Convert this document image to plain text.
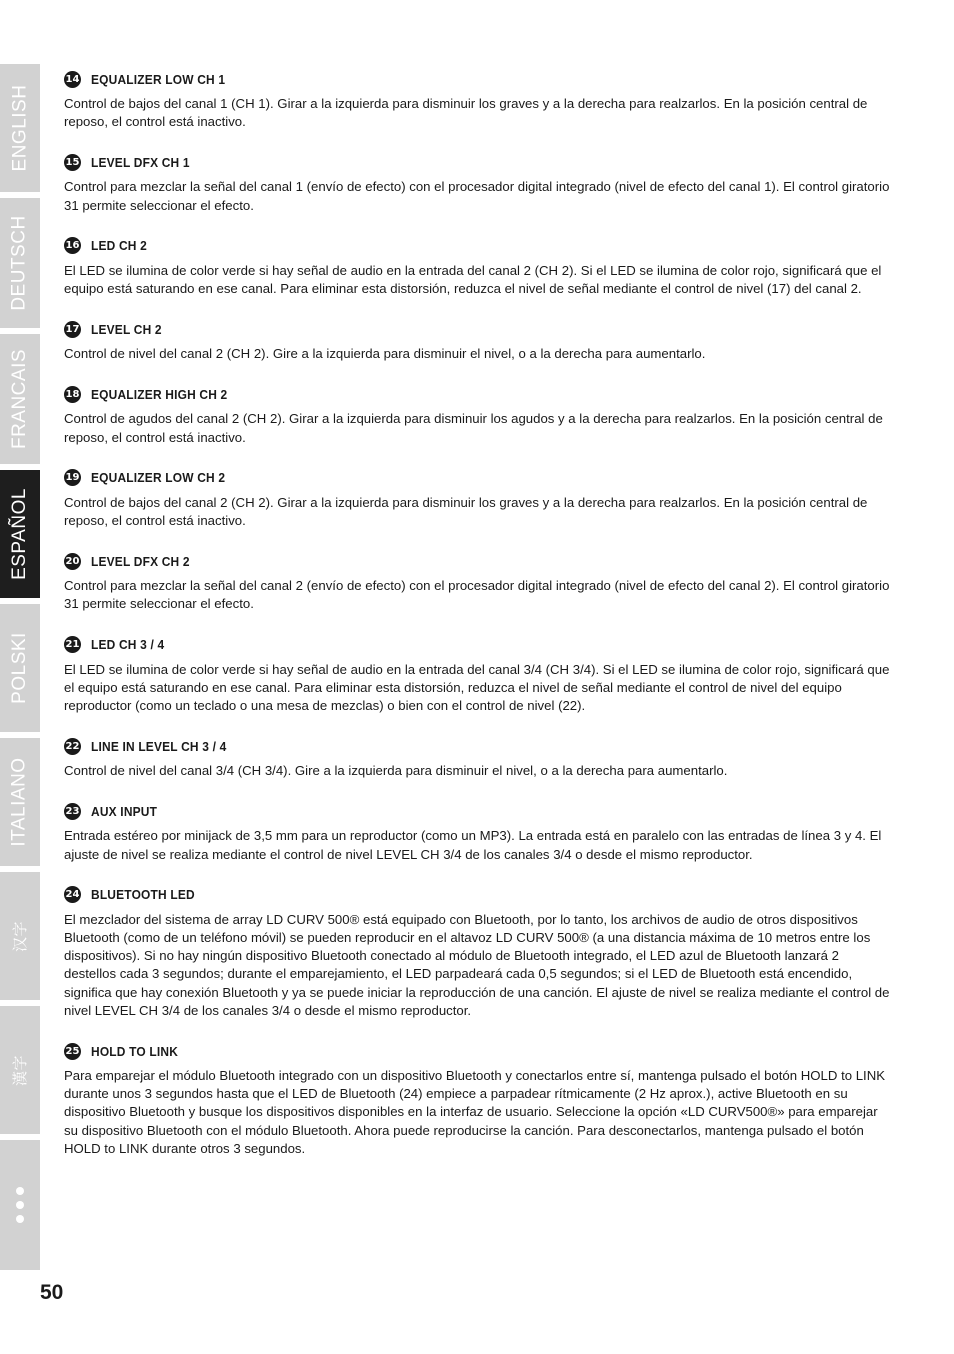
ENGLISH
DEUTSCH
FRANCAIS
ESPAÑOL
POLSKI
ITALIANO
汉字
漢字
14 EQUALIZER LOW CH 1

Control de bajos del canal 1 (CH 1). Girar a la izquierda para disminuir los graves y a la derecha para realzarlos. En la posición central de reposo, el control está inactivo.

15 LEVEL DFX CH 1

Control para mezclar la señal del canal 1 (envío de efecto) con el procesador digital integrado (nivel de efecto del canal 1). El control giratorio 31 permite seleccionar el efecto.

16 LED CH 2

El LED se ilumina de color verde si hay señal de audio en la entrada del canal 2 (CH 2). Si el LED se ilumina de color rojo, significará que el equipo está saturando en ese canal. Para eliminar esta distorsión, reduzca el nivel de señal mediante el control de nivel (17) del canal 2.

17 LEVEL CH 2

Control de nivel del canal 2 (CH 2). Gire a la izquierda para disminuir el nivel, o a la derecha para aumentarlo.

18 EQUALIZER HIGH CH 2

Control de agudos del canal 2 (CH 2). Girar a la izquierda para disminuir los agudos y a la derecha para realzarlos. En la posición central de reposo, el control está inactivo.

19 EQUALIZER LOW CH 2

Control de bajos del canal 2 (CH 2). Girar a la izquierda para disminuir los graves y a la derecha para realzarlos. En la posición central de reposo, el control está inactivo.

20 LEVEL DFX CH 2

Control para mezclar la señal del canal 2 (envío de efecto) con el procesador digital integrado (nivel de efecto del canal 2). El control giratorio 31 permite seleccionar el efecto.

21 LED CH 3 / 4

El LED se ilumina de color verde si hay señal de audio en la entrada del canal 3/4 (CH 3/4). Si el LED se ilumina de color rojo, significará que el equipo está saturando en ese canal. Para eliminar esta distorsión, reduzca el nivel de señal mediante el control de nivel del equipo reproductor (como un teclado o una mesa de mezclas) o bien con el control de nivel (22).

22 LINE IN LEVEL CH 3 / 4

Control de nivel del canal 3/4 (CH 3/4). Gire a la izquierda para disminuir el nivel, o a la derecha para aumentarlo.

23 AUX INPUT

Entrada estéreo por minijack de 3,5 mm para un reproductor (como un MP3). La entrada está en paralelo con las entradas de línea 3 y 4. El ajuste de nivel se realiza mediante el control de nivel LEVEL CH 3/4 de los canales 3/4 o desde el mismo reproductor.

24 BLUETOOTH LED

El mezclador del sistema de array LD CURV 500® está equipado con Bluetooth, por lo tanto, los archivos de audio de otros dispositivos Bluetooth (como de un teléfono móvil) se pueden reproducir en el altavoz LD CURV 500® (a una distancia máxima de 10 metros entre los dispositivos). Si no hay ningún dispositivo Bluetooth conectado al módulo de Bluetooth integrado, el LED azul de Bluetooth lanzará 2 destellos cada 3 segundos; durante el emparejamiento, el LED parpadeará cada 0,5 segundos; si el LED de Bluetooth está encendido, significa que hay conexión Bluetooth y ya se puede iniciar la reproducción de una canción. El ajuste de nivel se realiza mediante el control de nivel LEVEL CH 3/4 de los canales 3/4 o desde el mismo reproductor.

25 HOLD TO LINK

Para emparejar el módulo Bluetooth integrado con un dispositivo Bluetooth y conectarlos entre sí, mantenga pulsado el botón HOLD to LINK durante unos 3 segundos hasta que el LED de Bluetooth (24) empiece a parpadear rítmicamente (2 Hz aprox.), active Bluetooth en su dispositivo Bluetooth y busque los dispositivos disponibles en la interfaz de usuario. Seleccione la opción «LD CURV500®» para emparejar su dispositivo Bluetooth con el módulo Bluetooth. Ahora puede reproducirse la canción. Para desconectarlos, mantenga pulsado el botón HOLD to LINK durante otros 3 segundos.

50
